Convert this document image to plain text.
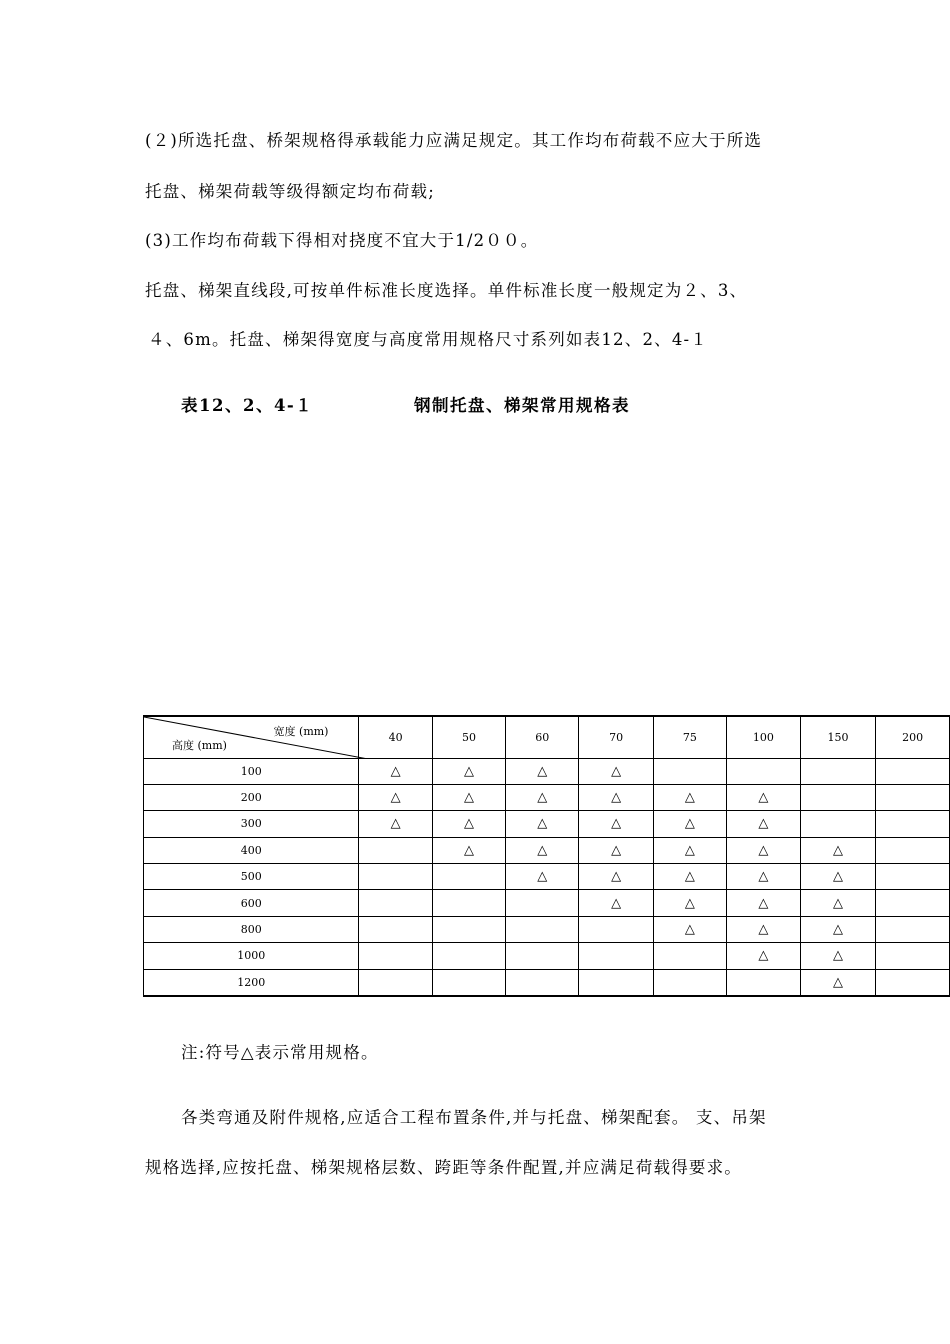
(２)所选托盘、桥架规格得承载能力应满足规定。其工作均布荷载不应大于所选

托盘、梯架荷载等级得额定均布荷载;

(3)工作均布荷载下得相对挠度不宜大于1/2００。

托盘、梯架直线段,可按单件标准长度选择。单件标准长度一般规定为２、3、

４、6m。托盘、梯架得宽度与高度常用规格尺寸系列如表12、2、4-１

表12、2、4-１	钢制托盘、梯架常用规格表
宽度 (mm)
高度 (mm)	40	50	60	70	75	100	150	200
100	△	△	△	△				
200	△	△	△	△	△	△		
300	△	△	△	△	△	△		
400		△	△	△	△	△	△	
500			△	△	△	△	△	
600				△	△	△	△	
800					△	△	△	
1000						△	△	
1200							△	

注:符号△表示常用规格。

各类弯通及附件规格,应适合工程布置条件,并与托盘、梯架配套。 支、吊架

规格选择,应按托盘、梯架规格层数、跨距等条件配置,并应满足荷载得要求。
